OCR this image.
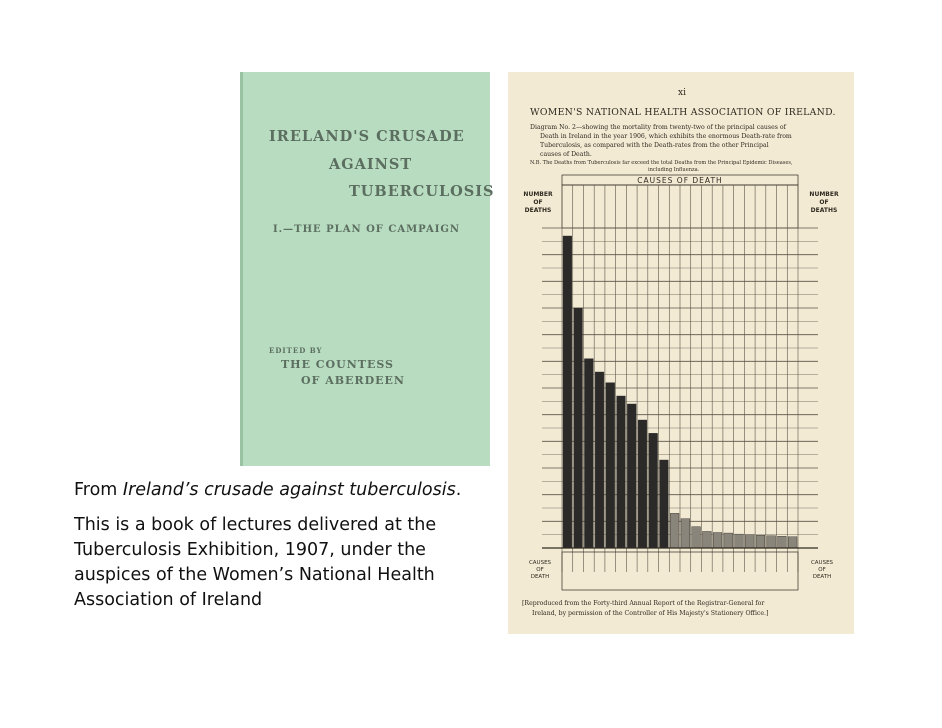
IRELAND'S CRUSADE
AGAINST
TUBERCULOSIS
I.—THE PLAN OF CAMPAIGN
EDITED BY
THE COUNTESS
OF ABERDEEN

From Ireland’s crusade against tuberculosis.

This is a book of lectures delivered at the Tuberculosis Exhibition, 1907, under the auspices of the Women’s National Health Association of Ireland

xi
WOMEN'S NATIONAL HEALTH ASSOCIATION OF IRELAND.
Diagram No. 2—showing the mortality from twenty-two of the principal causes of
Death in Ireland in the year 1906, which exhibits the enormous Death-rate from
Tuberculosis, as compared with the Death-rates from the other Principal
causes of Death.
N.B. The Deaths from Tuberculosis far exceed the total Deaths from the Principal Epidemic Diseases,
including Influenza.
CAUSES OF DEATH
NUMBER	NUMBER
OF	OF
DEATHS	DEATHS
CAUSES	CAUSES
OF	OF
DEATH	DEATH
[Reproduced from the Forty-third Annual Report of the Registrar-General for
Ireland, by permission of the Controller of His Majesty's Stationery Office.]
